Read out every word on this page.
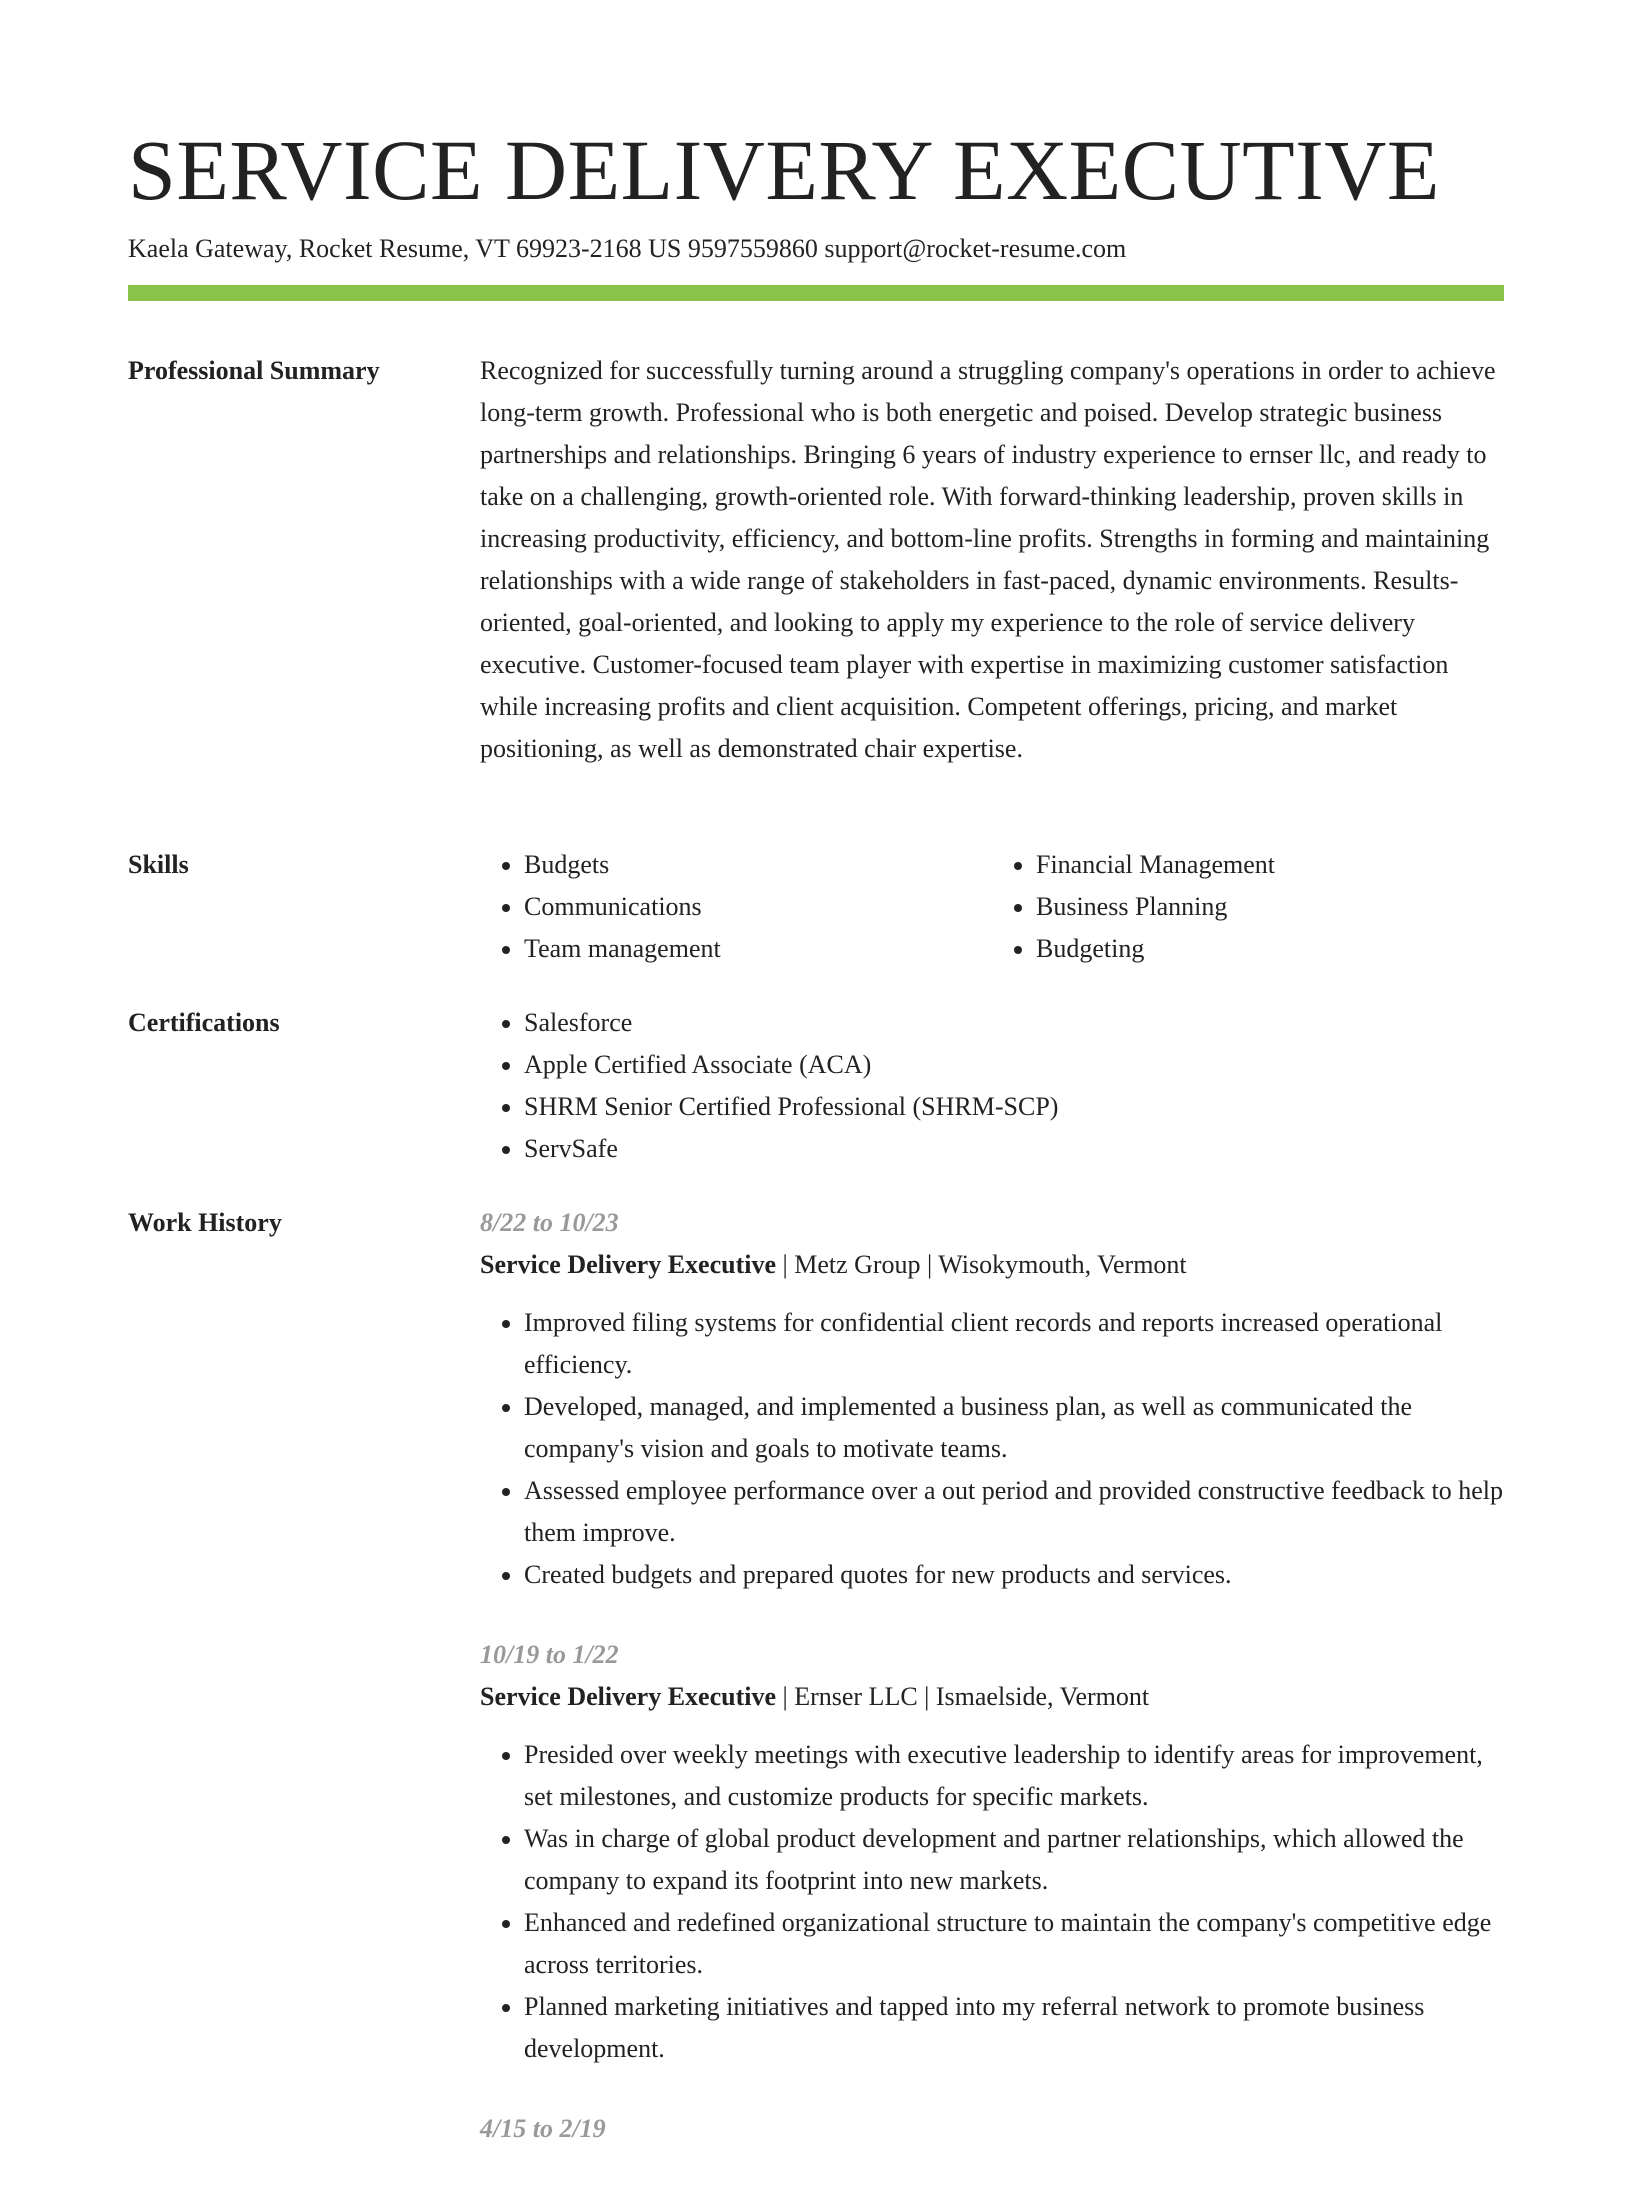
SERVICE DELIVERY EXECUTIVE
Kaela Gateway, Rocket Resume, VT 69923-2168 US 9597559860 support@rocket-resume.com
Professional Summary	Recognized for successfully turning around a struggling company's operations in order to achieve long-term growth. Professional who is both energetic and poised. Develop strategic business partnerships and relationships. Bringing 6 years of industry experience to ernser llc, and ready to take on a challenging, growth-oriented role. With forward-thinking leadership, proven skills in increasing productivity, efficiency, and bottom-line profits. Strengths in forming and maintaining relationships with a wide range of stakeholders in fast-paced, dynamic environments. Results-oriented, goal-oriented, and looking to apply my experience to the role of service delivery executive. Customer-focused team player with expertise in maximizing customer satisfaction while increasing profits and client acquisition. Competent offerings, pricing, and market positioning, as well as demonstrated chair expertise.

Skills	• Budgets
• Communications
• Team management
• Financial Management
• Business Planning
• Budgeting
Certifications	• Salesforce
• Apple Certified Associate (ACA)
• SHRM Senior Certified Professional (SHRM-SCP)
• ServSafe
Work History	8/22 to 10/23
Service Delivery Executive | Metz Group | Wisokymouth, Vermont
• Improved filing systems for confidential client records and reports increased operational efficiency.
• Developed, managed, and implemented a business plan, as well as communicated the company's vision and goals to motivate teams.
• Assessed employee performance over a out period and provided constructive feedback to help them improve.
• Created budgets and prepared quotes for new products and services.
10/19 to 1/22
Service Delivery Executive | Ernser LLC | Ismaelside, Vermont
• Presided over weekly meetings with executive leadership to identify areas for improvement, set milestones, and customize products for specific markets.
• Was in charge of global product development and partner relationships, which allowed the company to expand its footprint into new markets.
• Enhanced and redefined organizational structure to maintain the company's competitive edge across territories.
• Planned marketing initiatives and tapped into my referral network to promote business development.
4/15 to 2/19
